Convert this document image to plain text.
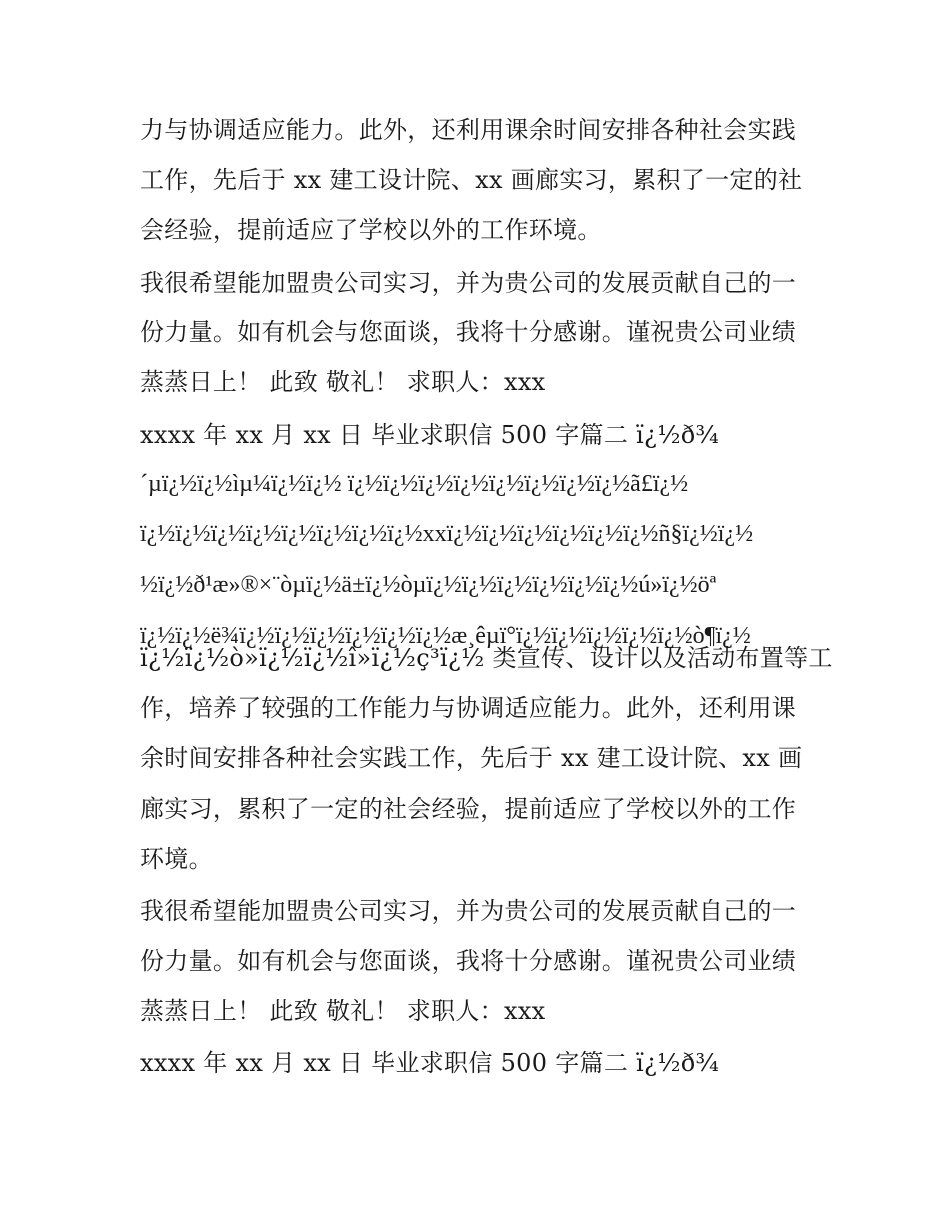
力与协调适应能力。此外，还利用课余时间安排各种社会实践
工作，先后于 xx 建工设计院、xx 画廊实习，累积了一定的社
会经验，提前适应了学校以外的工作环境。
我很希望能加盟贵公司实习，并为贵公司的发展贡献自己的一
份力量。如有机会与您面谈，我将十分感谢。谨祝贵公司业绩
蒸蒸日上！ 此致 敬礼！ 求职人：xxx
xxxx 年 xx 月 xx 日 毕业求职信 500 字篇二 ï¿½ð¾
´µï¿½ï¿½ìµ¼ï¿½ï¿½ ï¿½ï¿½ï¿½ï¿½ï¿½ï¿½ï¿½ï¿½ã£ï¿½
ï¿½ï¿½ï¿½ï¿½ï¿½ï¿½ï¿½ï¿½xxï¿½ï¿½ï¿½ï¿½ï¿½ï¿½ñ§ï¿½ï¿½
½ï¿½ð¹æ»®×¨òµï¿½ä±ï¿½òµï¿½ï¿½ï¿½ï¿½ï¿½ï¿½ú»ï¿½öª
ï¿½ï¿½ë¾ï¿½ï¿½ï¿½ï¿½ï¿½ï¿½æ¸êµï°ï¿½ï¿½ï¿½ï¿½ï¿½ò¶ï¿½
ï¿½ï¿½ò»ï¿½ï¿½î»ï¿½ç³ï¿½ 类宣传、设计以及活动布置等工
作，培养了较强的工作能力与协调适应能力。此外，还利用课
余时间安排各种社会实践工作，先后于 xx 建工设计院、xx 画
廊实习，累积了一定的社会经验，提前适应了学校以外的工作
环境。
我很希望能加盟贵公司实习，并为贵公司的发展贡献自己的一
份力量。如有机会与您面谈，我将十分感谢。谨祝贵公司业绩
蒸蒸日上！ 此致 敬礼！ 求职人：xxx
xxxx 年 xx 月 xx 日 毕业求职信 500 字篇二 ï¿½ð¾
